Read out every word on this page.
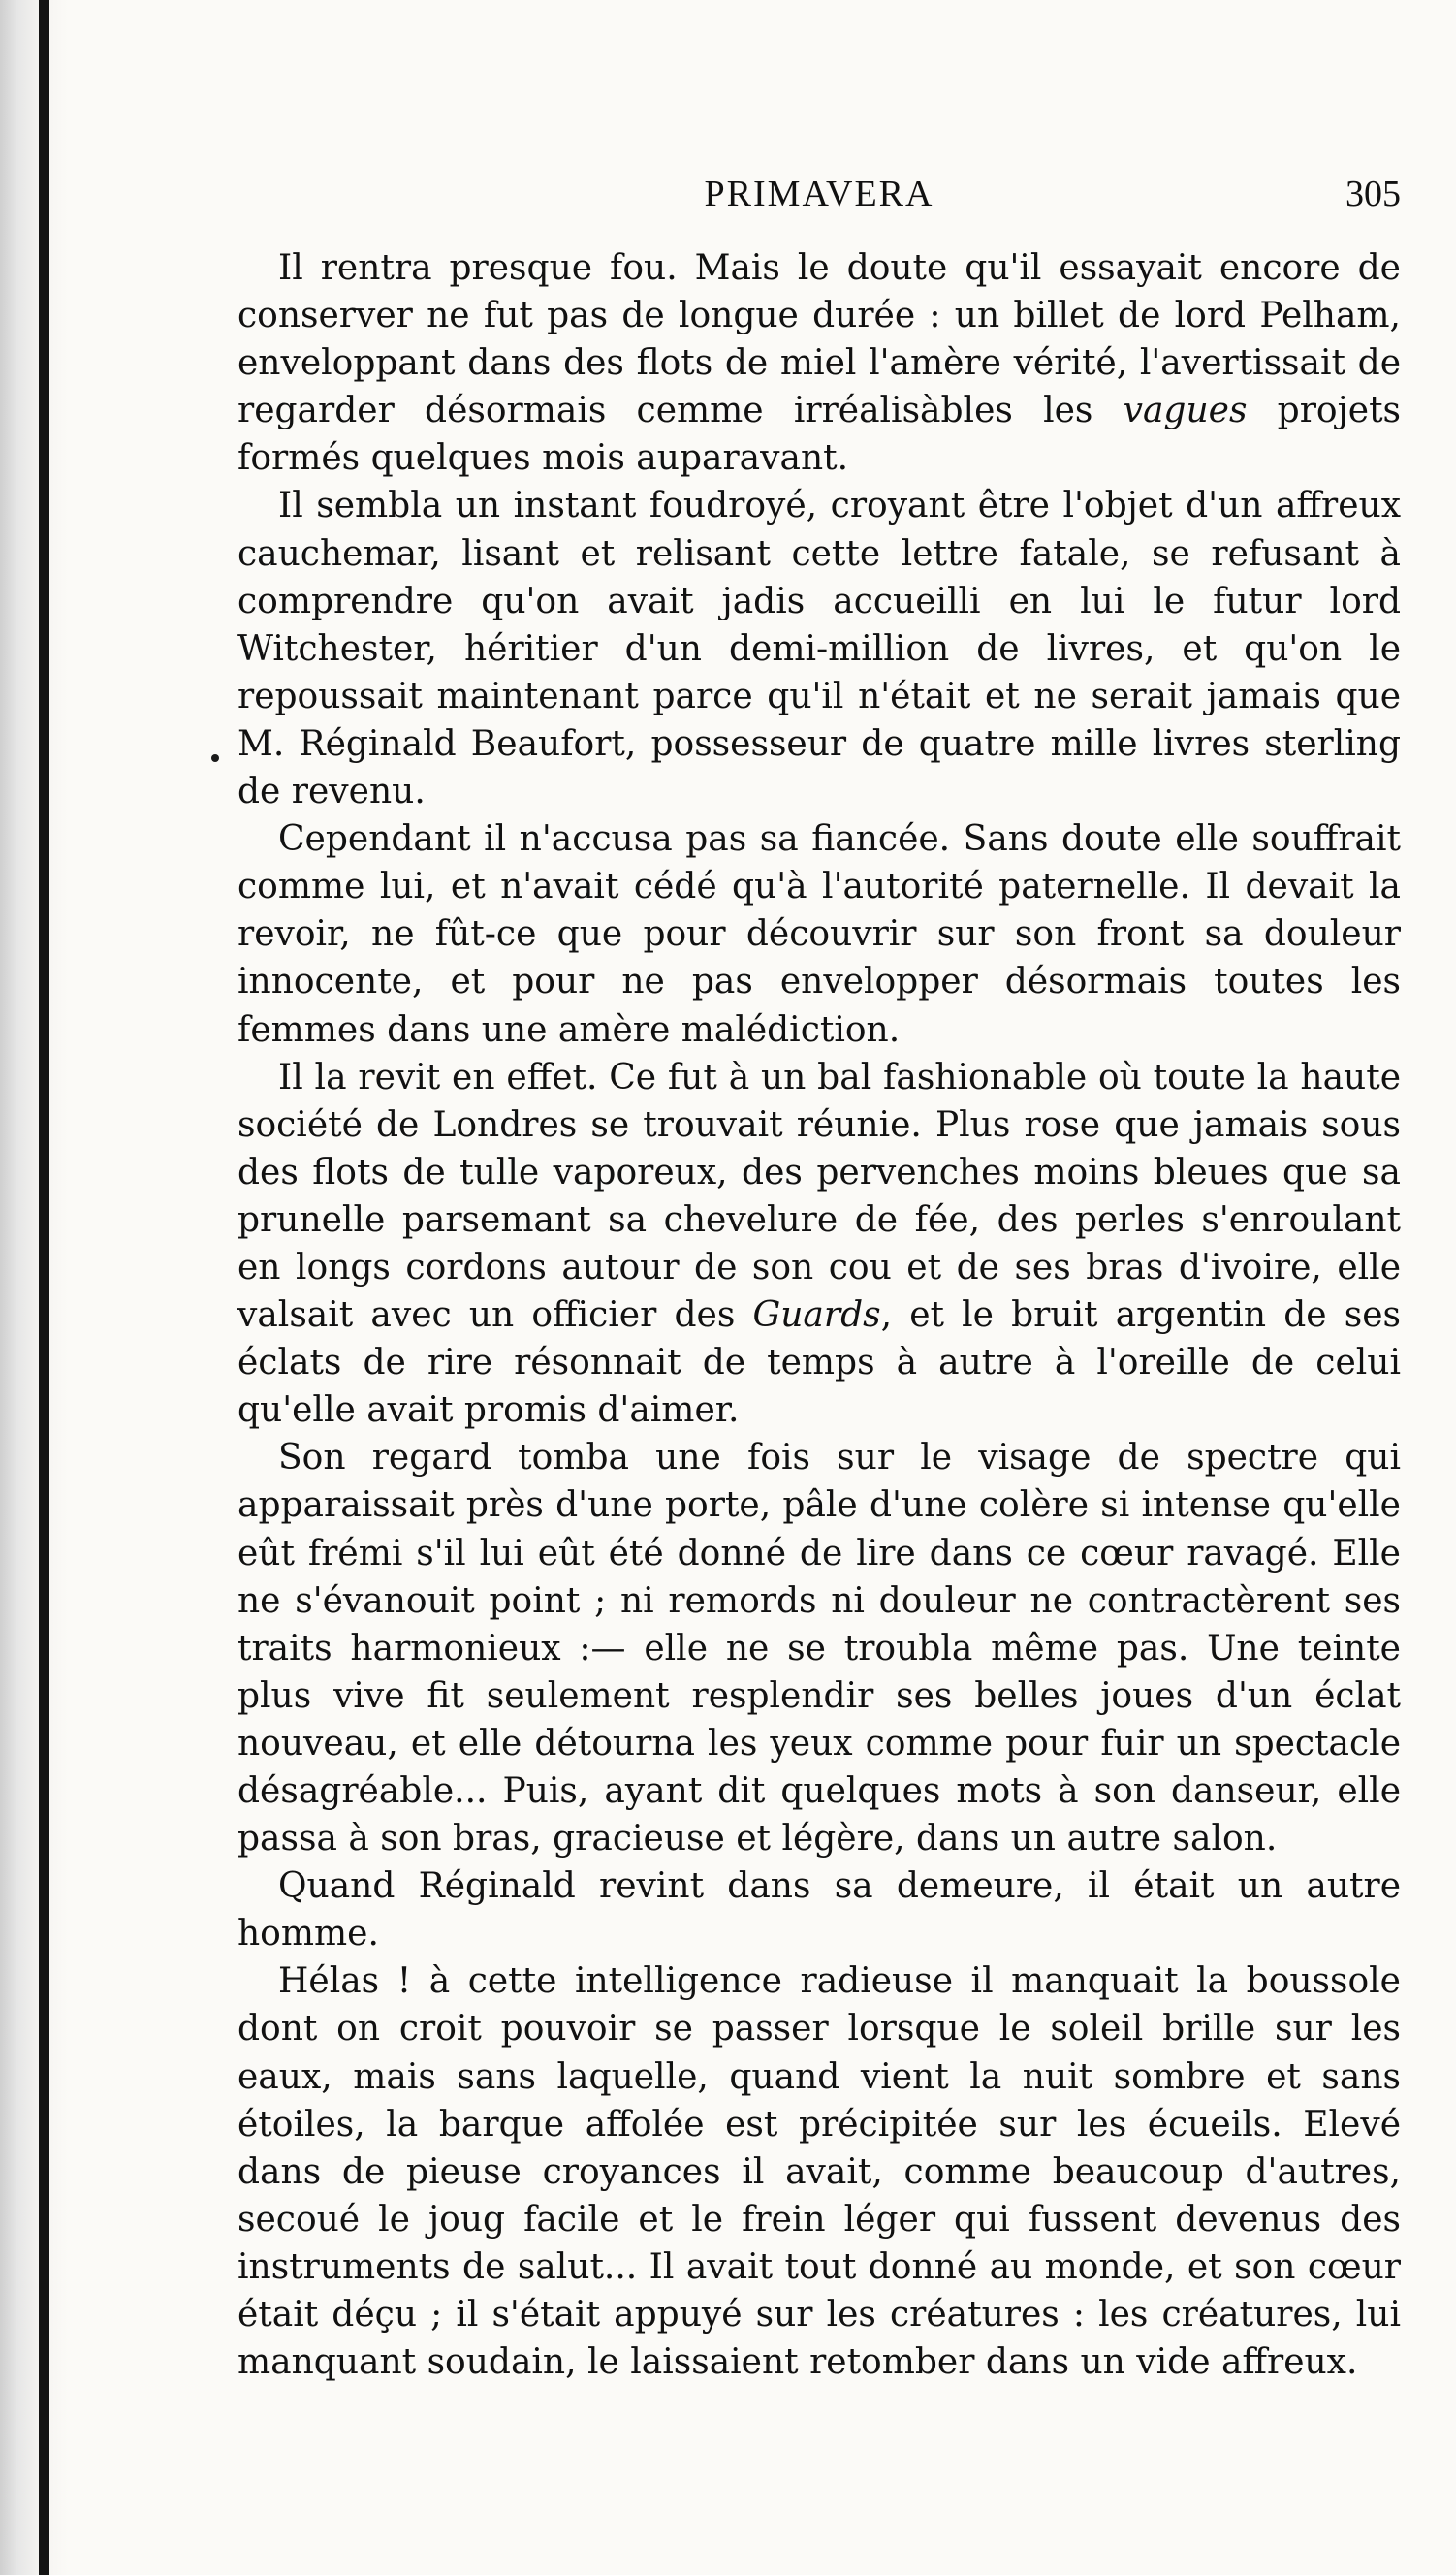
PRIMAVERA	305

Il rentra presque fou. Mais le doute qu'il essayait encore de conserver ne fut pas de longue durée : un billet de lord Pelham, enveloppant dans des flots de miel l'amère vérité, l'avertissait de regarder désormais cemme irréalisàbles les vagues projets formés quelques mois auparavant.

Il sembla un instant foudroyé, croyant être l'objet d'un affreux cauchemar, lisant et relisant cette lettre fatale, se refusant à comprendre qu'on avait jadis accueilli en lui le futur lord Witchester, héritier d'un demi-million de livres, et qu'on le repoussait maintenant parce qu'il n'était et ne serait jamais que M. Réginald Beaufort, possesseur de quatre mille livres sterling de revenu.

Cependant il n'accusa pas sa fiancée. Sans doute elle souffrait comme lui, et n'avait cédé qu'à l'autorité paternelle. Il devait la revoir, ne fût-ce que pour découvrir sur son front sa douleur innocente, et pour ne pas envelopper désormais toutes les femmes dans une amère malédiction.

Il la revit en effet. Ce fut à un bal fashionable où toute la haute société de Londres se trouvait réunie. Plus rose que jamais sous des flots de tulle vaporeux, des pervenches moins bleues que sa prunelle parsemant sa chevelure de fée, des perles s'enroulant en longs cordons autour de son cou et de ses bras d'ivoire, elle valsait avec un officier des Guards, et le bruit argentin de ses éclats de rire résonnait de temps à autre à l'oreille de celui qu'elle avait promis d'aimer.

Son regard tomba une fois sur le visage de spectre qui apparaissait près d'une porte, pâle d'une colère si intense qu'elle eût frémi s'il lui eût été donné de lire dans ce cœur ravagé. Elle ne s'évanouit point ; ni remords ni douleur ne contractèrent ses traits harmonieux :— elle ne se troubla même pas. Une teinte plus vive fit seulement resplendir ses belles joues d'un éclat nouveau, et elle détourna les yeux comme pour fuir un spectacle désagréable... Puis, ayant dit quelques mots à son danseur, elle passa à son bras, gracieuse et légère, dans un autre salon.

Quand Réginald revint dans sa demeure, il était un autre homme.

Hélas ! à cette intelligence radieuse il manquait la boussole dont on croit pouvoir se passer lorsque le soleil brille sur les eaux, mais sans laquelle, quand vient la nuit sombre et sans étoiles, la barque affolée est précipitée sur les écueils. Elevé dans de pieuse croyances il avait, comme beaucoup d'autres, secoué le joug facile et le frein léger qui fussent devenus des instruments de salut... Il avait tout donné au monde, et son cœur était déçu ; il s'était appuyé sur les créatures : les créatures, lui manquant soudain, le laissaient retomber dans un vide affreux.
